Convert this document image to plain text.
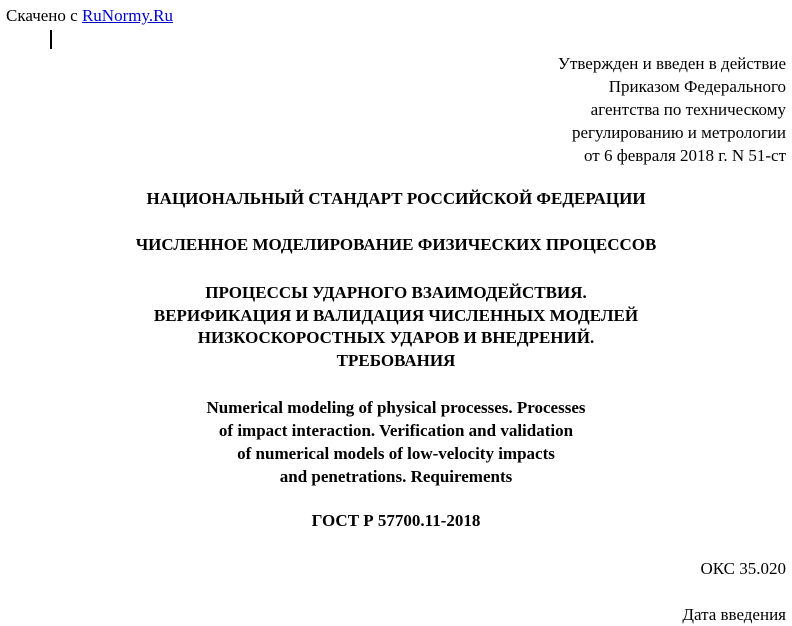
Скачено с RuNormy.Ru
Утвержден и введен в действие
Приказом Федерального
агентства по техническому
регулированию и метрологии
от 6 февраля 2018 г. N 51-ст
НАЦИОНАЛЬНЫЙ СТАНДАРТ РОССИЙСКОЙ ФЕДЕРАЦИИ
ЧИСЛЕННОЕ МОДЕЛИРОВАНИЕ ФИЗИЧЕСКИХ ПРОЦЕССОВ
ПРОЦЕССЫ УДАРНОГО ВЗАИМОДЕЙСТВИЯ.
ВЕРИФИКАЦИЯ И ВАЛИДАЦИЯ ЧИСЛЕННЫХ МОДЕЛЕЙ
НИЗКОСКОРОСТНЫХ УДАРОВ И ВНЕДРЕНИЙ.
ТРЕБОВАНИЯ
Numerical modeling of physical processes. Processes
of impact interaction. Verification and validation
of numerical models of low-velocity impacts
and penetrations. Requirements
ГОСТ Р 57700.11-2018
ОКС 35.020
Дата введения
